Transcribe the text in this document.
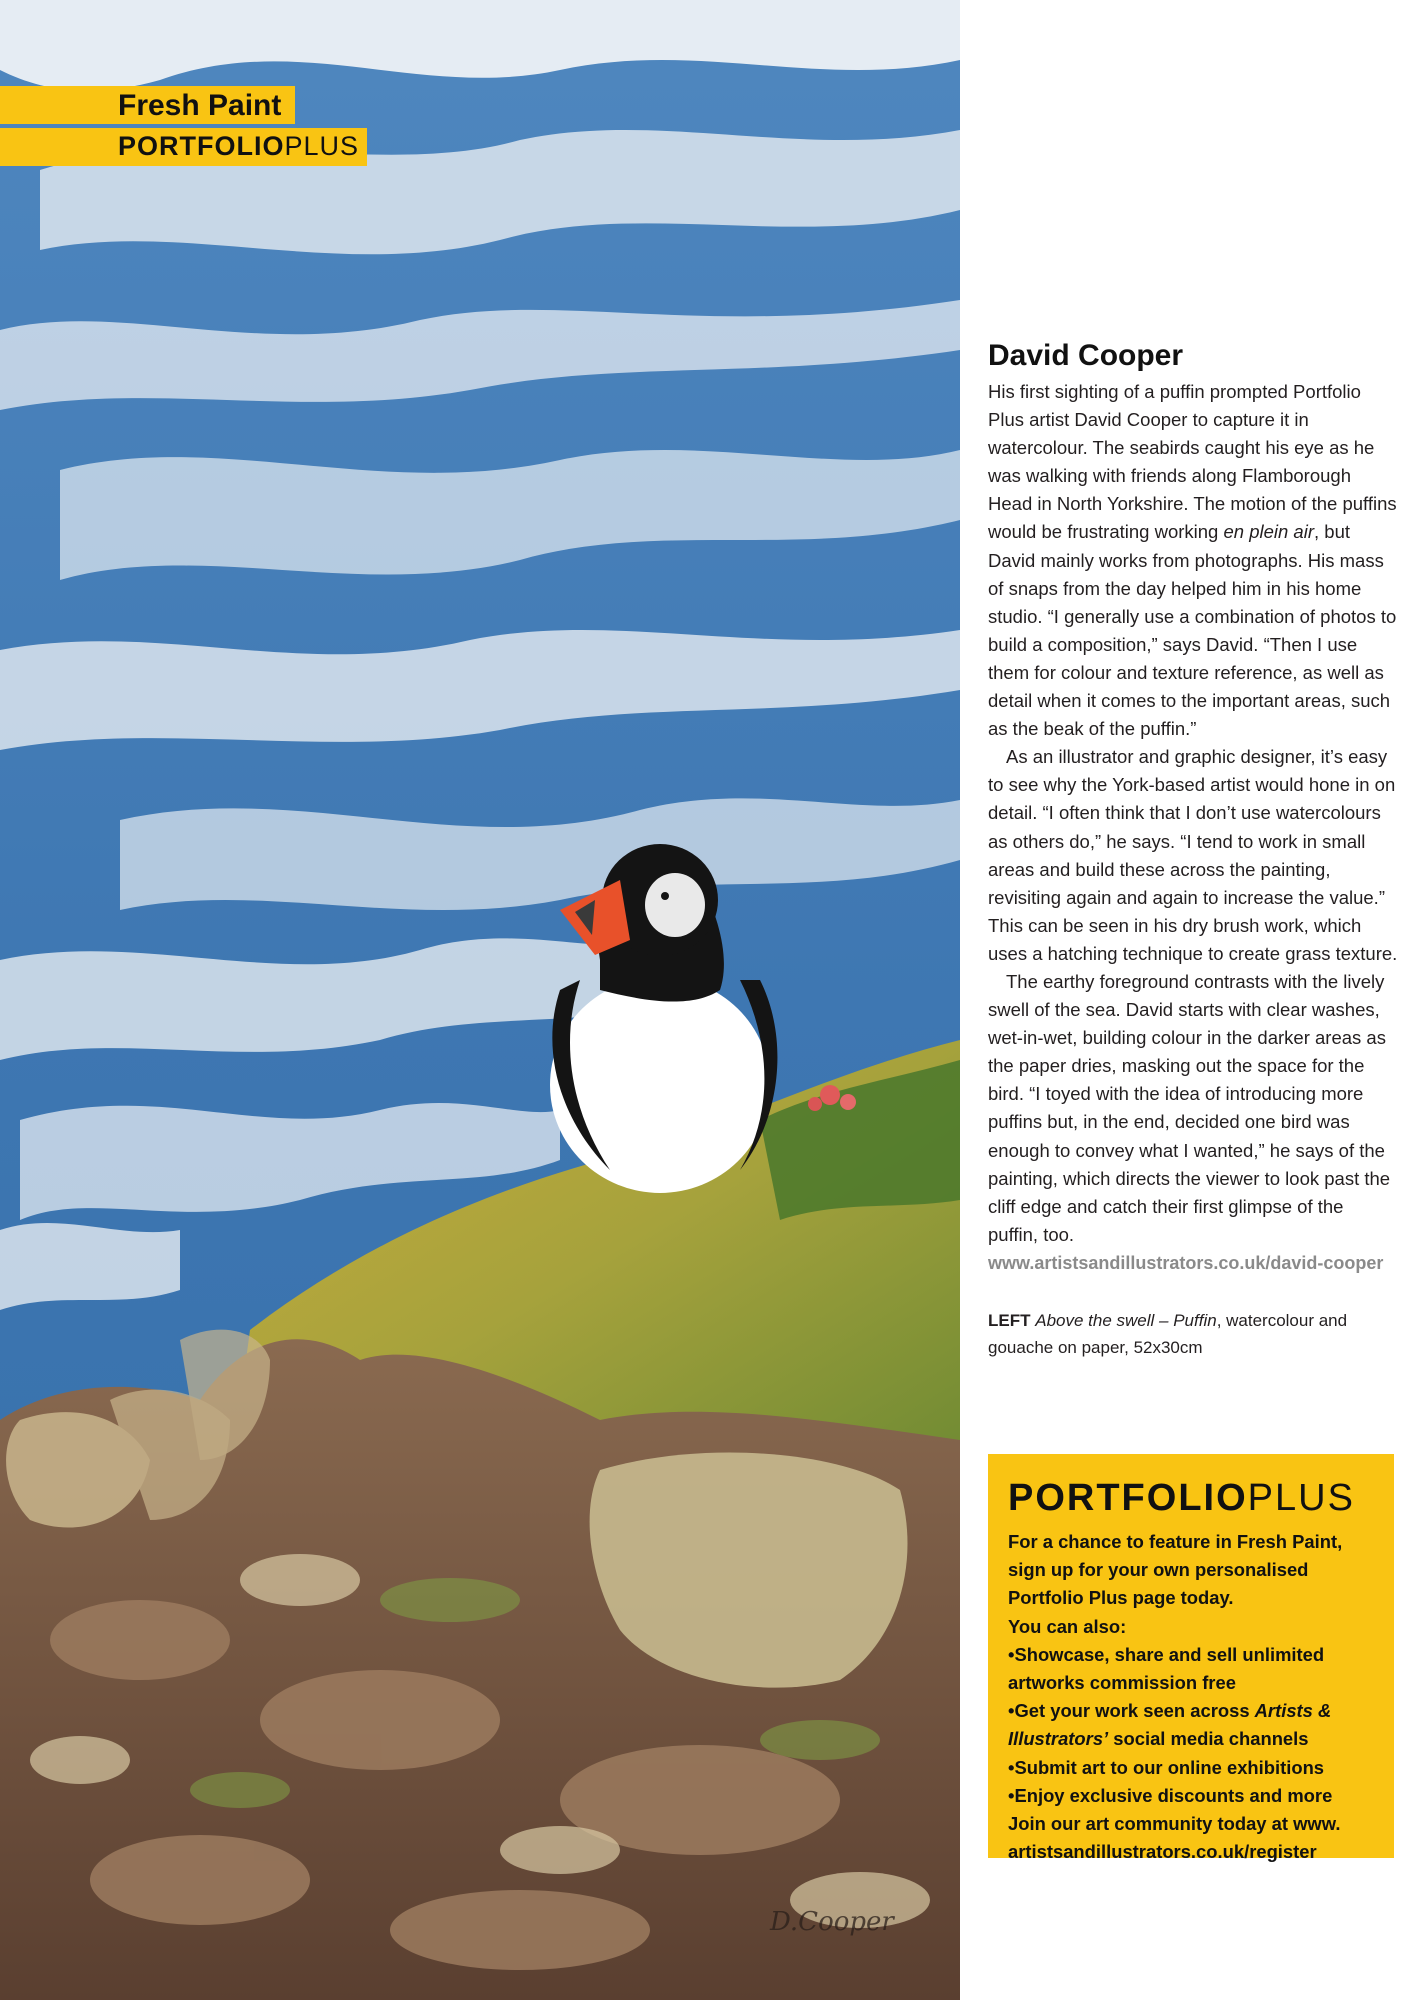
D.Cooper
Fresh Paint
PORTFOLIOPLUS
David Cooper

His first sighting of a puffin prompted Portfolio Plus artist David Cooper to capture it in watercolour. The seabirds caught his eye as he was walking with friends along Flamborough Head in North Yorkshire. The motion of the puffins would be frustrating working en plein air, but David mainly works from photographs. His mass of snaps from the day helped him in his home studio. “I generally use a combination of photos to build a composition,” says David. “Then I use them for colour and texture reference, as well as detail when it comes to the important areas, such as the beak of the puffin.”

As an illustrator and graphic designer, it’s easy to see why the York-based artist would hone in on detail. “I often think that I don’t use watercolours as others do,” he says. “I tend to work in small areas and build these across the painting, revisiting again and again to increase the value.” This can be seen in his dry brush work, which uses a hatching technique to create grass texture.

The earthy foreground contrasts with the lively swell of the sea. David starts with clear washes, wet-in-wet, building colour in the darker areas as the paper dries, masking out the space for the bird. “I toyed with the idea of introducing more puffins but, in the end, decided one bird was enough to convey what I wanted,” he says of the painting, which directs the viewer to look past the cliff edge and catch their first glimpse of the puffin, too.

www.artistsandillustrators.co.uk/david-cooper

LEFT Above the swell – Puffin, watercolour and gouache on paper, 52x30cm
PORTFOLIOPLUS

For a chance to feature in Fresh Paint, sign up for your own personalised Portfolio Plus page today.

You can also:

• Showcase, share and sell unlimited artworks commission free
• Get your work seen across Artists & Illustrators’ social media channels
• Submit art to our online exhibitions
• Enjoy exclusive discounts and more

Join our art community today at www. artistsandillustrators.co.uk/register
